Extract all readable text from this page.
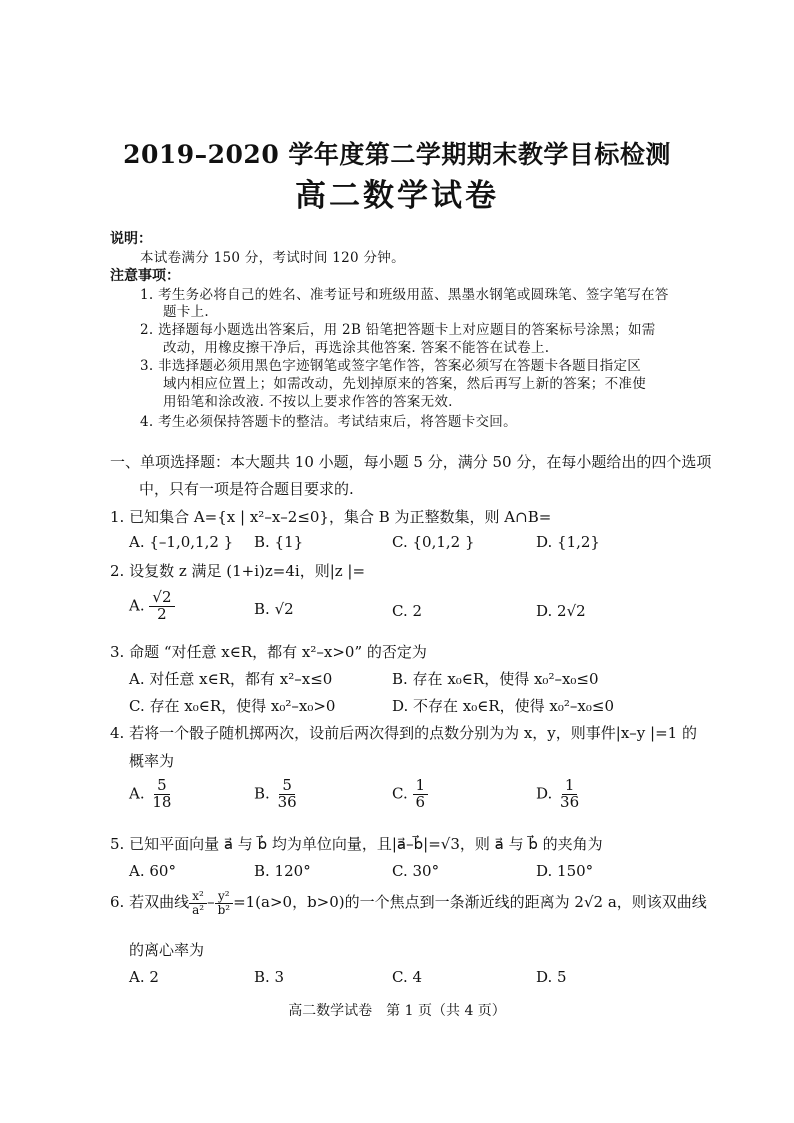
2019–2020 学年度第二学期期末教学目标检测
高二数学试卷
说明：
本试卷满分 150 分，考试时间 120 分钟。
注意事项：
1. 考生务必将自己的姓名、准考证号和班级用蓝、黑墨水钢笔或圆珠笔、签字笔写在答
题卡上.
2. 选择题每小题选出答案后，用 2B 铅笔把答题卡上对应题目的答案标号涂黑；如需
改动，用橡皮擦干净后，再选涂其他答案. 答案不能答在试卷上.
3. 非选择题必须用黑色字迹钢笔或签字笔作答，答案必须写在答题卡各题目指定区
域内相应位置上；如需改动，先划掉原来的答案，然后再写上新的答案；不准使
用铅笔和涂改液. 不按以上要求作答的答案无效.
4. 考生必须保持答题卡的整洁。考试结束后，将答题卡交回。
一、单项选择题：本大题共 10 小题，每小题 5 分，满分 50 分，在每小题给出的四个选项
中，只有一项是符合题目要求的.
1. 已知集合 A={x | x²–x–2≤0}，集合 B 为正整数集，则 A∩B=
A. {–1,0,1,2 } B. {1}	C. {0,1,2 }	D. {1,2}
2. 设复数 z 满足 (1+i)z=4i，则|z |=
A. $\frac{√2}{2}$	B. √2	C. 2	D. 2√2
3. 命题 “对任意 x∈R，都有 x²–x>0” 的否定为
A. 对任意 x∈R，都有 x²–x≤0	B. 存在 x₀∈R，使得 x₀²–x₀≤0
C. 存在 x₀∈R，使得 x₀²–x₀>0	D. 不存在 x₀∈R，使得 x₀²–x₀≤0
4. 若将一个骰子随机掷两次，设前后两次得到的点数分别为为 x，y，则事件|x–y |=1 的
概率为
A. $\frac{5}{18}$	B. $\frac{5}{36}$	C. $\frac{1}{6}$	D. $\frac{1}{36}$
5. 已知平面向量 a⃗ 与 b⃗ 均为单位向量，且|a⃗–b⃗|=√3，则 a⃗ 与 b⃗ 的夹角为
A. 60°	B. 120°	C. 30°	D. 150°
6. 若双曲线 $\frac{\text{x²}}{\text{a²}} - \frac{\text{y²}}{\text{b²}} =1(a>0$，b>0)的一个焦点到一条渐近线的距离为 2√2 a，则该双曲线
的离心率为
A. 2	B. 3	C. 4	D. 5
高二数学试卷　第 1 页（共 4 页）
